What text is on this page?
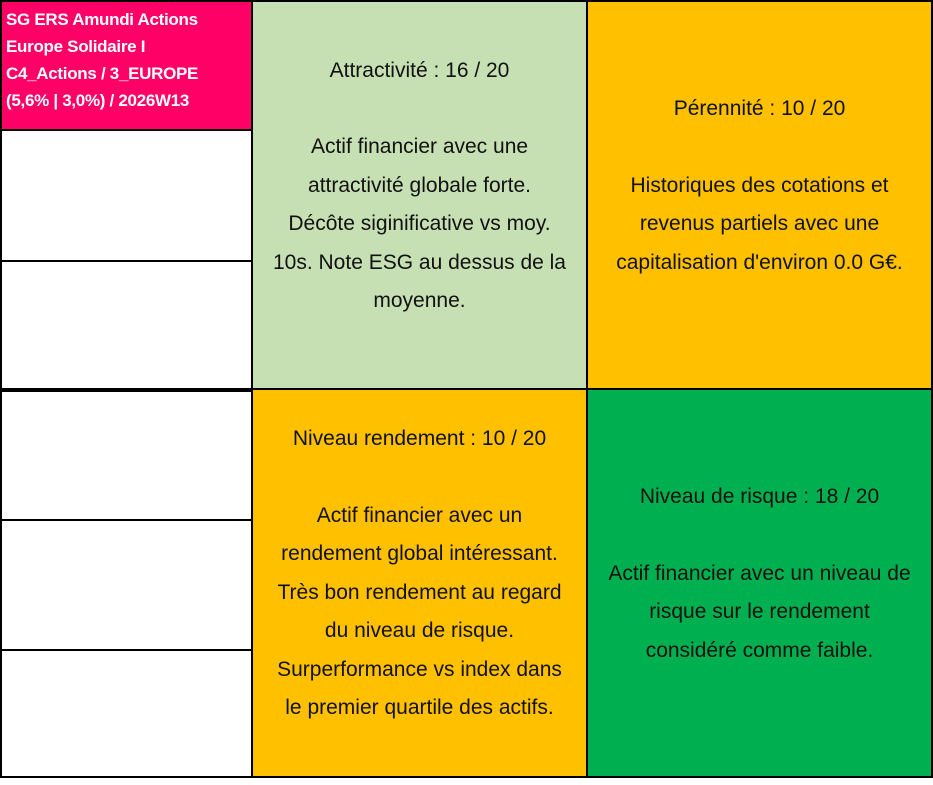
SG ERS Amundi Actions
Europe Solidaire I
C4_Actions / 3_EUROPE
(5,6% | 3,0%) / 2026W13
Attractivité : 16 / 20
Actif financier avec une
attractivité globale forte.
Décôte siginificative vs moy.
10s. Note ESG au dessus de la
moyenne.
Pérennité : 10 / 20
Historiques des cotations et
revenus partiels avec une
capitalisation d'environ 0.0 G€.
Niveau rendement : 10 / 20
Actif financier avec un
rendement global intéressant.
Très bon rendement au regard
du niveau de risque.
Surperformance vs index dans
le premier quartile des actifs.
Niveau de risque : 18 / 20
Actif financier avec un niveau de
risque sur le rendement
considéré comme faible.
